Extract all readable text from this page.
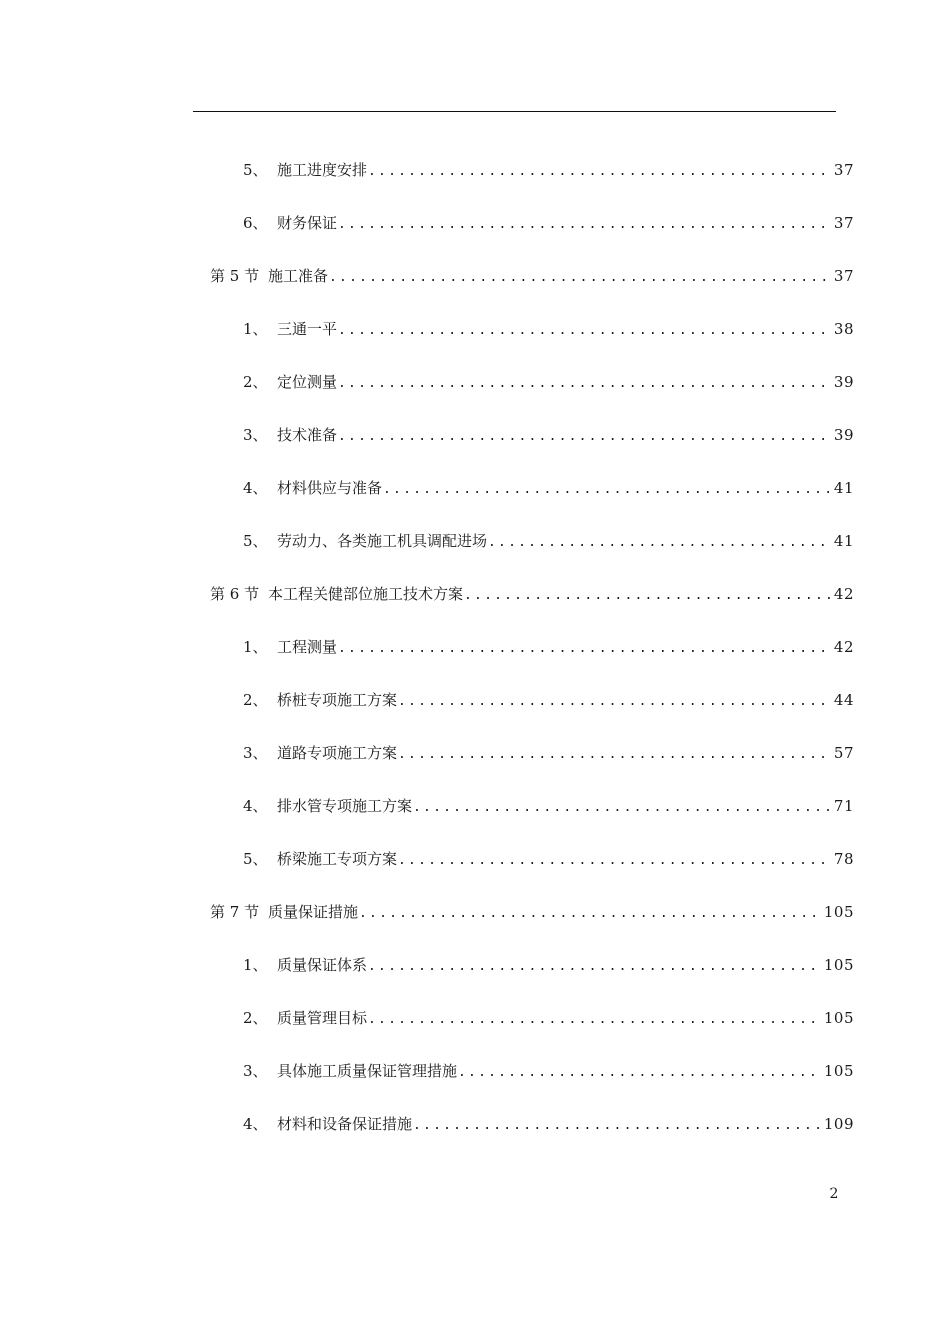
5、 施工进度安排 .....	37
6、 财务保证 .....	37
第 5 节 施工准备 .....	37
1、 三通一平 .....	38
2、 定位测量 .....	39
3、 技术准备 .....	39
4、 材料供应与准备 .....	41
5、 劳动力、各类施工机具调配进场 .....	41
第 6 节 本工程关健部位施工技术方案 .....	42
1、 工程测量 .....	42
2、 桥桩专项施工方案 .....	44
3、 道路专项施工方案 .....	57
4、 排水管专项施工方案 .....	71
5、 桥梁施工专项方案 .....	78
第 7 节 质量保证措施 .....	105
1、 质量保证体系 .....	105
2、 质量管理目标 .....	105
3、 具体施工质量保证管理措施 .....	105
4、 材料和设备保证措施 .....	109
2
